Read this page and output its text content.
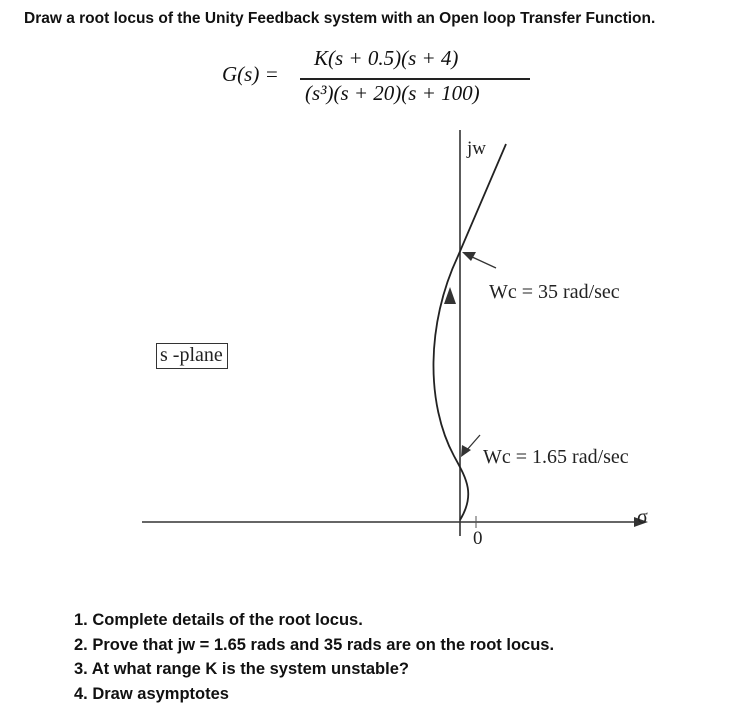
Draw a root locus of the Unity Feedback system with an Open loop Transfer Function.
G(s) =
K(s + 0.5)(s + 4)
(s³)(s + 20)(s + 100)
jw
Wc = 35 rad/sec
Wc = 1.65 rad/sec
σ
0
s -plane
1. Complete details of the root locus.
2. Prove that jw = 1.65 rads and 35 rads are on the root locus.
3. At what range K is the system unstable?
4. Draw asymptotes
